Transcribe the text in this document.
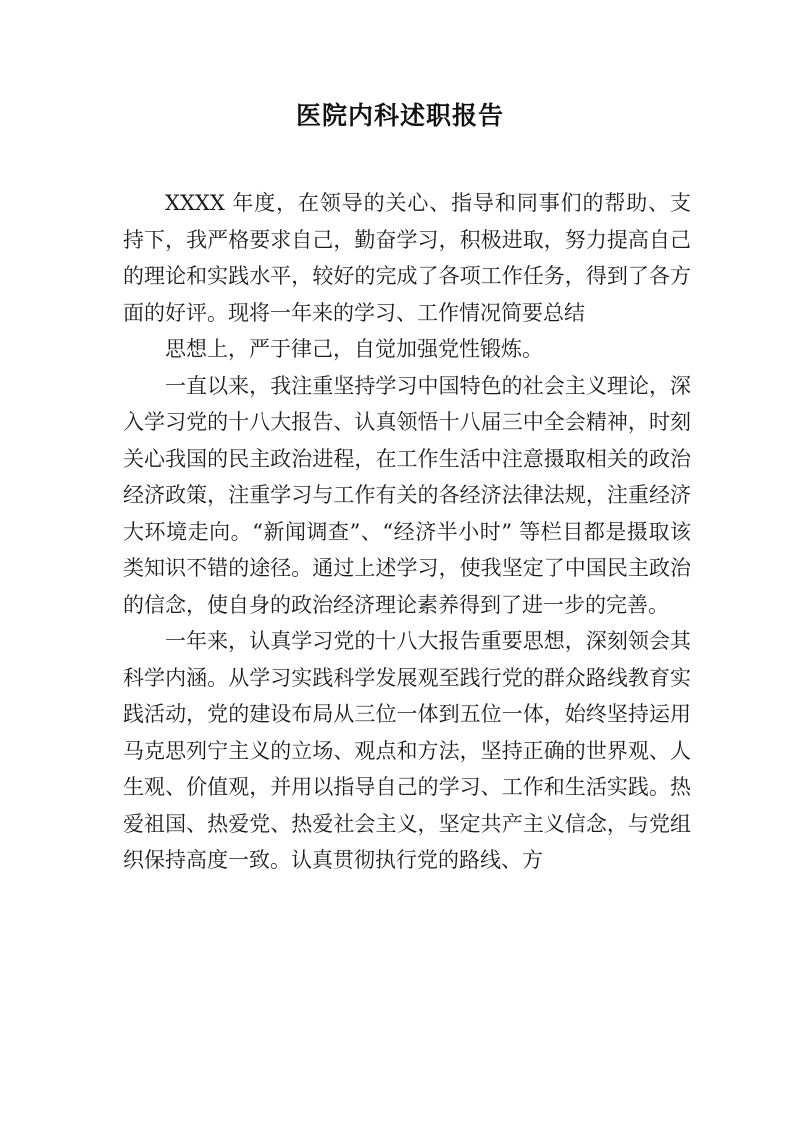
医院内科述职报告

XXXX 年度，在领导的关心、指导和同事们的帮助、支持下，我严格要求自己，勤奋学习，积极进取，努力提高自己的理论和实践水平，较好的完成了各项工作任务，得到了各方面的好评。现将一年来的学习、工作情况简要总结

思想上，严于律己，自觉加强党性锻炼。

一直以来，我注重坚持学习中国特色的社会主义理论，深入学习党的十八大报告、认真领悟十八届三中全会精神，时刻关心我国的民主政治进程，在工作生活中注意摄取相关的政治经济政策，注重学习与工作有关的各经济法律法规，注重经济大环境走向。“新闻调查”、“经济半小时” 等栏目都是摄取该类知识不错的途径。通过上述学习，使我坚定了中国民主政治的信念，使自身的政治经济理论素养得到了进一步的完善。

一年来，认真学习党的十八大报告重要思想，深刻领会其科学内涵。从学习实践科学发展观至践行党的群众路线教育实践活动，党的建设布局从三位一体到五位一体，始终坚持运用马克思列宁主义的立场、观点和方法，坚持正确的世界观、人生观、价值观，并用以指导自己的学习、工作和生活实践。热爱祖国、热爱党、热爱社会主义，坚定共产主义信念，与党组织保持高度一致。认真贯彻执行党的路线、方
